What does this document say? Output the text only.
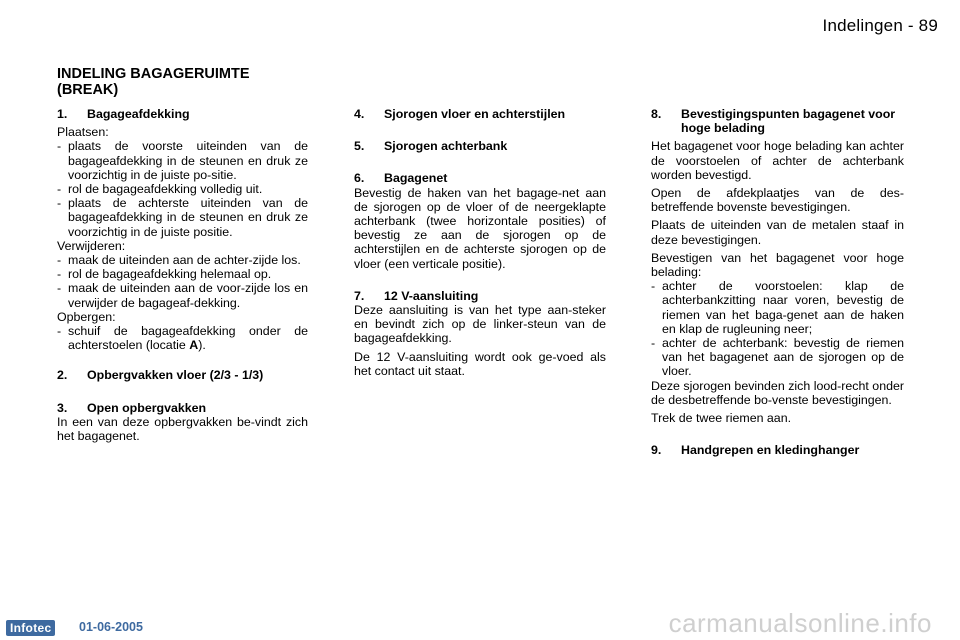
Indelingen - 89
INDELING BAGAGERUIMTE
(BREAK)
1.	Bagageafdekking

Plaatsen:

- plaats de voorste uiteinden van de bagageafdekking in de steunen en druk ze voorzichtig in de juiste po-sitie.
- rol de bagageafdekking volledig uit.
- plaats de achterste uiteinden van de bagageafdekking in de steunen en druk ze voorzichtig in de juiste positie.

Verwijderen:

- maak de uiteinden aan de achter-zijde los.
- rol de bagageafdekking helemaal op.
- maak de uiteinden aan de voor-zijde los en verwijder de bagageaf-dekking.

Opbergen:

- schuif de bagageafdekking onder de achterstoelen (locatie A).
2.	Opbergvakken vloer (2/3 - 1/3)
3.	Open opbergvakken

In een van deze opbergvakken be-vindt zich het bagagenet.

4.	Sjorogen vloer en achterstijlen
5.	Sjorogen achterbank
6.	Bagagenet

Bevestig de haken van het bagage-net aan de sjorogen op de vloer of de neergeklapte achterbank (twee horizontale posities) of bevestig ze aan de sjorogen op de achterstijlen en de achterste sjorogen op de vloer (een verticale positie).

7.	12 V-aansluiting

Deze aansluiting is van het type aan-steker en bevindt zich op de linker-steun van de bagageafdekking.

De 12 V-aansluiting wordt ook ge-voed als het contact uit staat.

8.	Bevestigingspunten bagagenet voor hoge belading

Het bagagenet voor hoge belading kan achter de voorstoelen of achter de achterbank worden bevestigd.

Open de afdekplaatjes van de des-betreffende bovenste bevestigingen.

Plaats de uiteinden van de metalen staaf in deze bevestigingen.

Bevestigen van het bagagenet voor hoge belading:

- achter de voorstoelen: klap de achterbankzitting naar voren, bevestig de riemen van het baga-genet aan de haken en klap de rugleuning neer;
- achter de achterbank: bevestig de riemen van het bagagenet aan de sjorogen op de vloer.

Deze sjorogen bevinden zich lood-recht onder de desbetreffende bo-venste bevestigingen.

Trek de twee riemen aan.

9.	Handgrepen en kledinghanger
Infotec	01-06-2005	carmanualsonline.info
